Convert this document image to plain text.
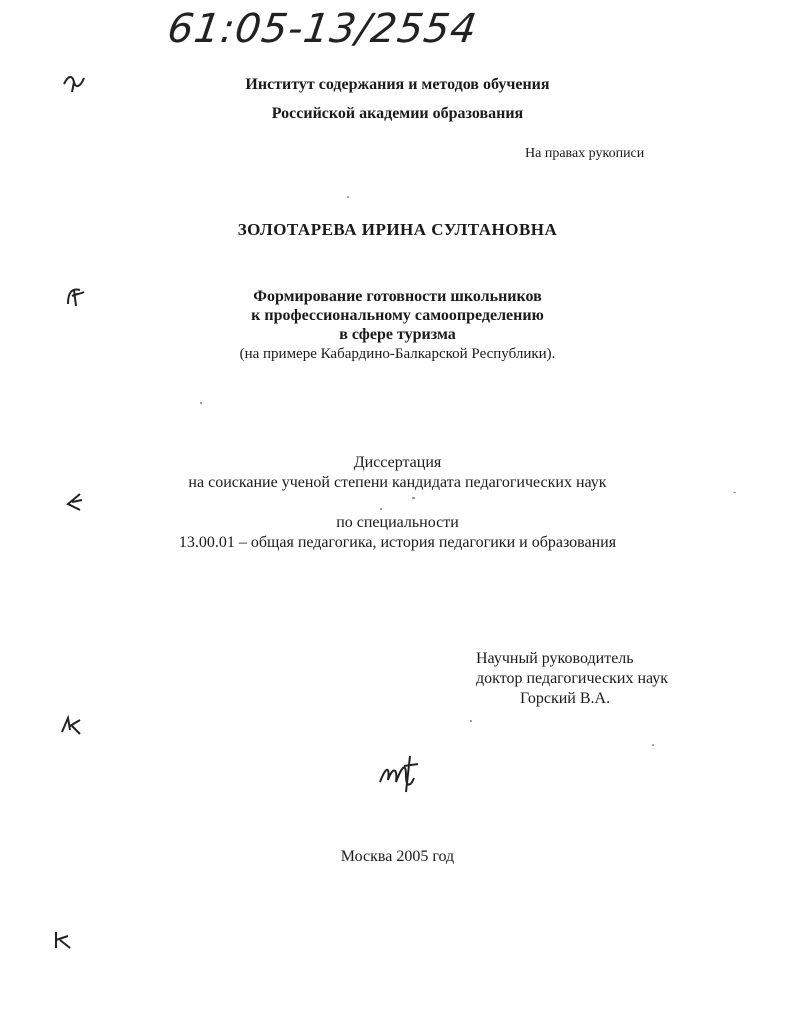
61:05-13/2554
Институт содержания и методов обучения
Российской академии образования
На правах рукописи
ЗОЛОТАРЕВА ИРИНА СУЛТАНОВНА
Формирование готовности школьников
к профессиональному самоопределению
в сфере туризма
(на примере Кабардино-Балкарской Республики).
Диссертация
на соискание ученой степени кандидата педагогических наук
по специальности
13.00.01 – общая педагогика, история педагогики и образования
Научный руководитель
доктор педагогических наук
Горский В.А.
Москва 2005 год
